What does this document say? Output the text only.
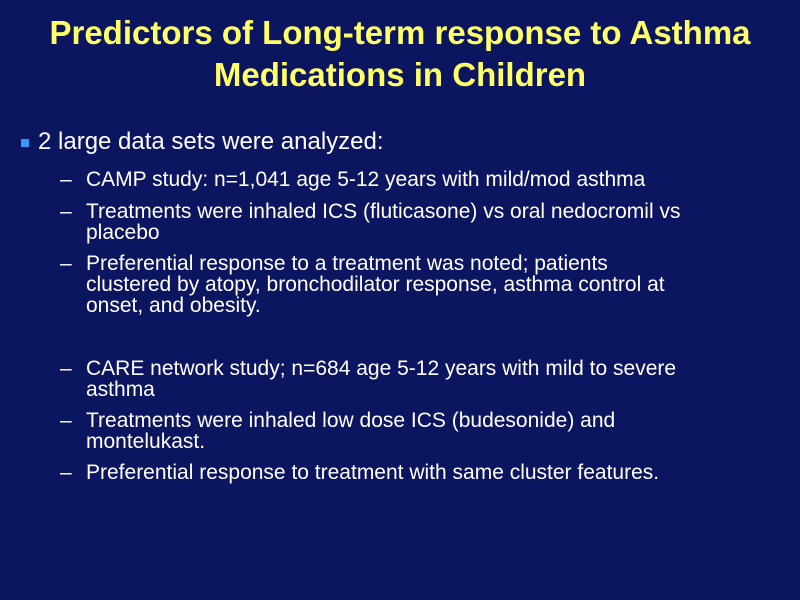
Predictors of Long-term response to Asthma
Medications in Children
2 large data sets were analyzed:
– CAMP study: n=1,041 age 5-12 years with mild/mod asthma
– Treatments were inhaled ICS (fluticasone) vs oral nedocromil vs
placebo
– Preferential response to a treatment was noted; patients
clustered by atopy, bronchodilator response, asthma control at
onset, and obesity.
– CARE network study; n=684 age 5-12 years with mild to severe
asthma
– Treatments were inhaled low dose ICS (budesonide) and
montelukast.
– Preferential response to treatment with same cluster features.
